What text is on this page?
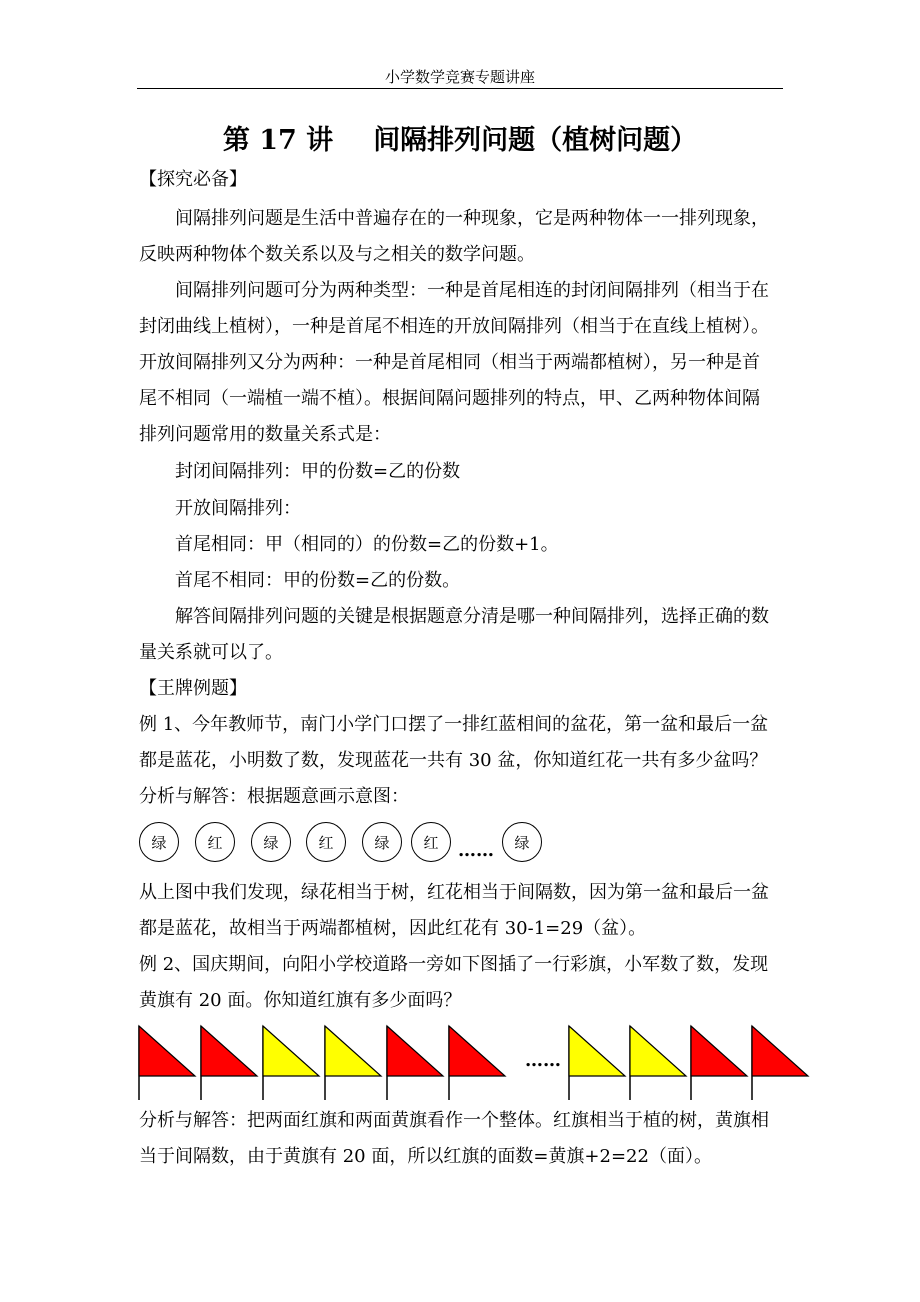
小学数学竞赛专题讲座
第 17 讲 间隔排列问题（植树问题）
【探究必备】
间隔排列问题是生活中普遍存在的一种现象，它是两种物体一一排列现象，
反映两种物体个数关系以及与之相关的数学问题。
间隔排列问题可分为两种类型：一种是首尾相连的封闭间隔排列（相当于在
封闭曲线上植树），一种是首尾不相连的开放间隔排列（相当于在直线上植树）。
开放间隔排列又分为两种：一种是首尾相同（相当于两端都植树），另一种是首
尾不相同（一端植一端不植）。根据间隔问题排列的特点，甲、乙两种物体间隔
排列问题常用的数量关系式是：
封闭间隔排列：甲的份数=乙的份数
开放间隔排列：
首尾相同：甲（相同的）的份数=乙的份数+1。
首尾不相同：甲的份数=乙的份数。
解答间隔排列问题的关键是根据题意分清是哪一种间隔排列，选择正确的数
量关系就可以了。
【王牌例题】
例 1、今年教师节，南门小学门口摆了一排红蓝相间的盆花，第一盆和最后一盆
都是蓝花，小明数了数，发现蓝花一共有 30 盆，你知道红花一共有多少盆吗？
分析与解答：根据题意画示意图：
绿	红	绿	红	绿	红	……	绿
从上图中我们发现，绿花相当于树，红花相当于间隔数，因为第一盆和最后一盆
都是蓝花，故相当于两端都植树，因此红花有 30-1=29（盆）。
例 2、国庆期间，向阳小学校道路一旁如下图插了一行彩旗，小军数了数，发现
黄旗有 20 面。你知道红旗有多少面吗？
……
分析与解答：把两面红旗和两面黄旗看作一个整体。红旗相当于植的树，黄旗相
当于间隔数，由于黄旗有 20 面，所以红旗的面数=黄旗+2=22（面）。
